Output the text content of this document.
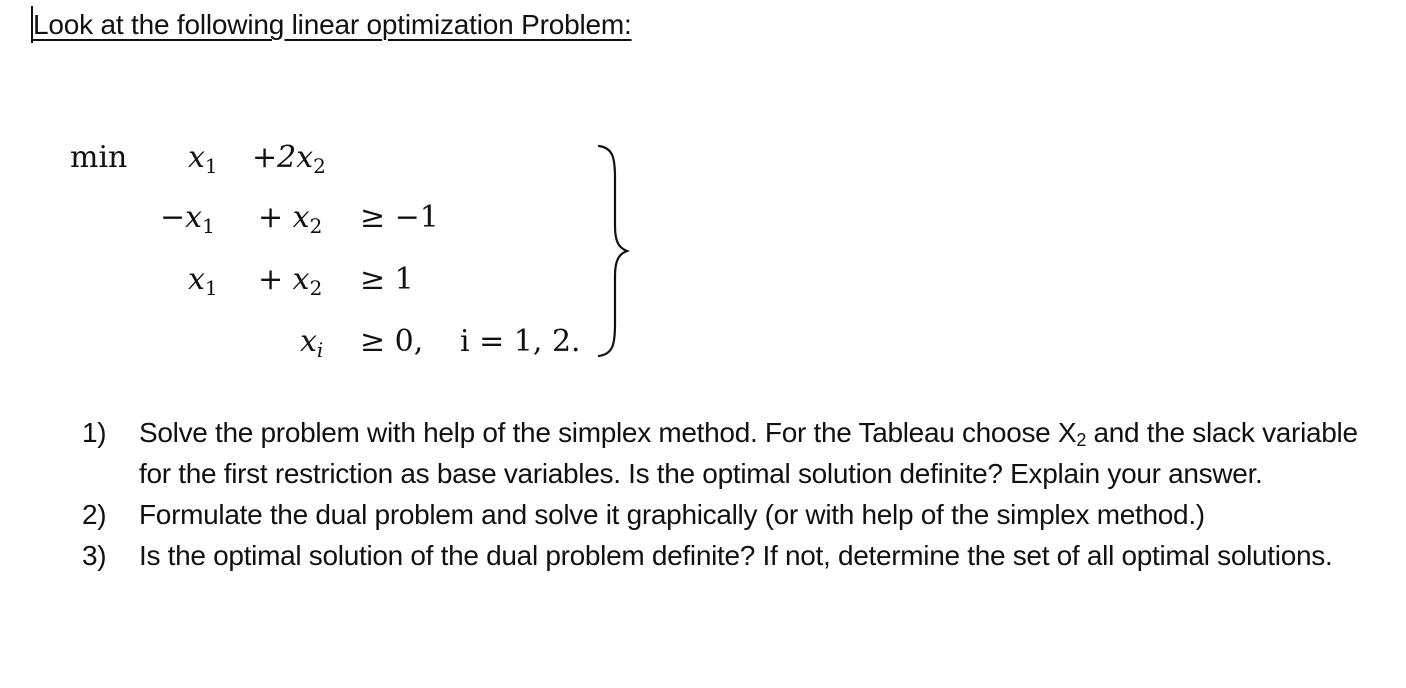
Look at the following linear optimization Problem:
$\min x_1 +2x_2$
$-x_1 + x_2 \ge -1$
$x_1 + x_2 \ge 1$
$x_i \ge 0$, i = 1, 2.
1) Solve the problem with help of the simplex method. For the Tableau choose $X_2$ and the slack variable for the first restriction as base variables. Is the optimal solution definite? Explain your answer.
2) Formulate the dual problem and solve it graphically (or with help of the simplex method.)
3) Is the optimal solution of the dual problem definite? If not, determine the set of all optimal solutions.
